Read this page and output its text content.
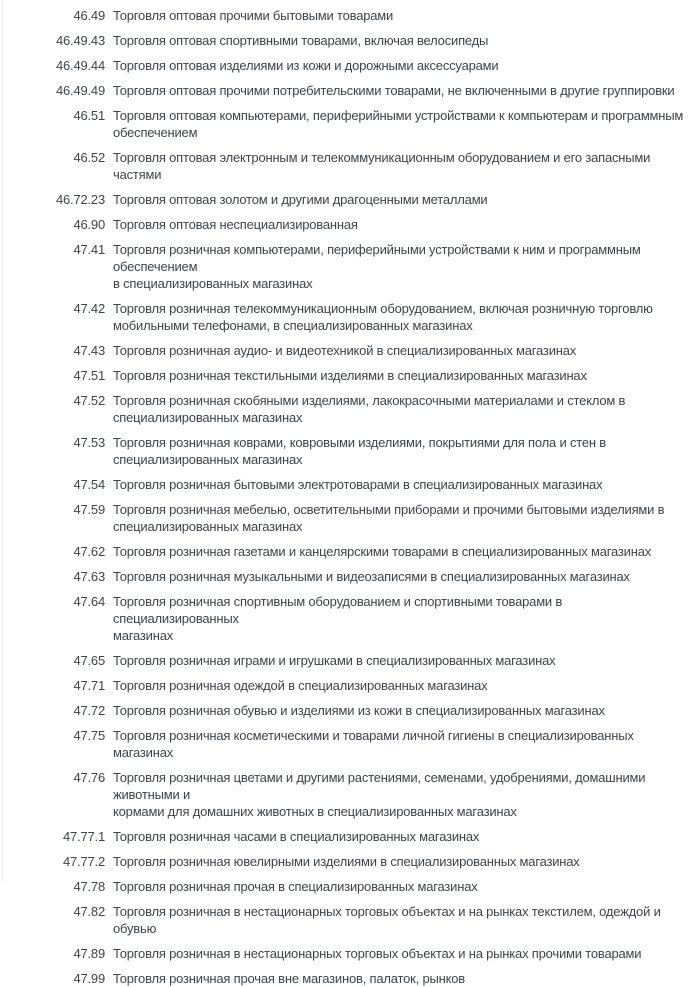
46.49 Торговля оптовая прочими бытовыми товарами
46.49.43 Торговля оптовая спортивными товарами, включая велосипеды
46.49.44 Торговля оптовая изделиями из кожи и дорожными аксессуарами
46.49.49 Торговля оптовая прочими потребительскими товарами, не включенными в другие группировки
46.51 Торговля оптовая компьютерами, периферийными устройствами к компьютерам и программным
обеспечением
46.52 Торговля оптовая электронным и телекоммуникационным оборудованием и его запасными частями
46.72.23 Торговля оптовая золотом и другими драгоценными металлами
46.90 Торговля оптовая неспециализированная
47.41 Торговля розничная компьютерами, периферийными устройствами к ним и программным обеспечением
в специализированных магазинах
47.42 Торговля розничная телекоммуникационным оборудованием, включая розничную торговлю
мобильными телефонами, в специализированных магазинах
47.43 Торговля розничная аудио- и видеотехникой в специализированных магазинах
47.51 Торговля розничная текстильными изделиями в специализированных магазинах
47.52 Торговля розничная скобяными изделиями, лакокрасочными материалами и стеклом в
специализированных магазинах
47.53 Торговля розничная коврами, ковровыми изделиями, покрытиями для пола и стен в
специализированных магазинах
47.54 Торговля розничная бытовыми электротоварами в специализированных магазинах
47.59 Торговля розничная мебелью, осветительными приборами и прочими бытовыми изделиями в
специализированных магазинах
47.62 Торговля розничная газетами и канцелярскими товарами в специализированных магазинах
47.63 Торговля розничная музыкальными и видеозаписями в специализированных магазинах
47.64 Торговля розничная спортивным оборудованием и спортивными товарами в специализированных
магазинах
47.65 Торговля розничная играми и игрушками в специализированных магазинах
47.71 Торговля розничная одеждой в специализированных магазинах
47.72 Торговля розничная обувью и изделиями из кожи в специализированных магазинах
47.75 Торговля розничная косметическими и товарами личной гигиены в специализированных магазинах
47.76 Торговля розничная цветами и другими растениями, семенами, удобрениями, домашними животными и
кормами для домашних животных в специализированных магазинах
47.77.1 Торговля розничная часами в специализированных магазинах
47.77.2 Торговля розничная ювелирными изделиями в специализированных магазинах
47.78 Торговля розничная прочая в специализированных магазинах
47.82 Торговля розничная в нестационарных торговых объектах и на рынках текстилем, одеждой и обувью
47.89 Торговля розничная в нестационарных торговых объектах и на рынках прочими товарами
47.99 Торговля розничная прочая вне магазинов, палаток, рынков
